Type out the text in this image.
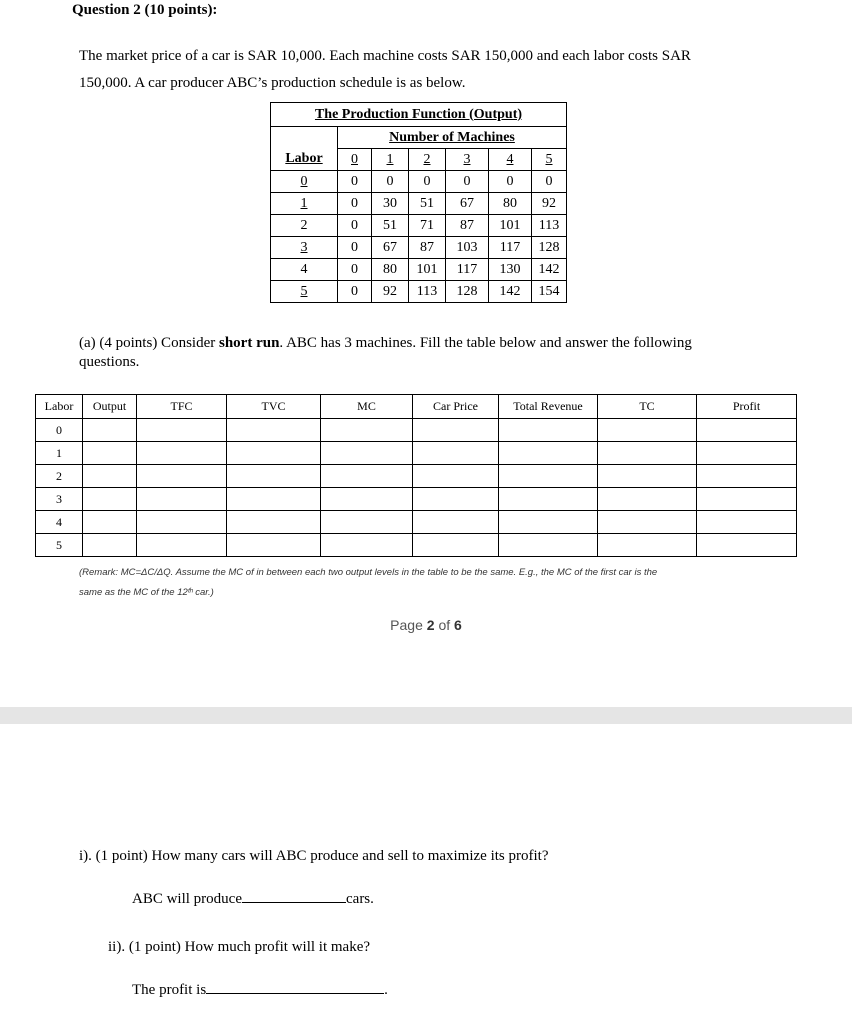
Question 2 (10 points):
The market price of a car is SAR 10,000. Each machine costs SAR 150,000 and each labor costs SAR
150,000. A car producer ABC’s production schedule is as below.
The Production Function (Output)						
	Number of Machines					
Labor	0	1	2	3	4	5
0	0	0	0	0	0	0
1	0	30	51	67	80	92
2	0	51	71	87	101	113
3	0	67	87	103	117	128
4	0	80	101	117	130	142
5	0	92	113	128	142	154
(a) (4 points) Consider short run. ABC has 3 machines. Fill the table below and answer the following
questions.
Labor	Output	TFC	TVC	MC	Car Price	Total Revenue	TC	Profit
0								
1								
2								
3								
4								
5								
(Remark: MC=ΔC/ΔQ. Assume the MC of in between each two output levels in the table to be the same. E.g., the MC of the first car is the
same as the MC of the 12ᵗʰ car.)
Page 2 of 6
i). (1 point) How many cars will ABC produce and sell to maximize its profit?
ABC will produce	cars.
ii). (1 point) How much profit will it make?
The profit is	.
